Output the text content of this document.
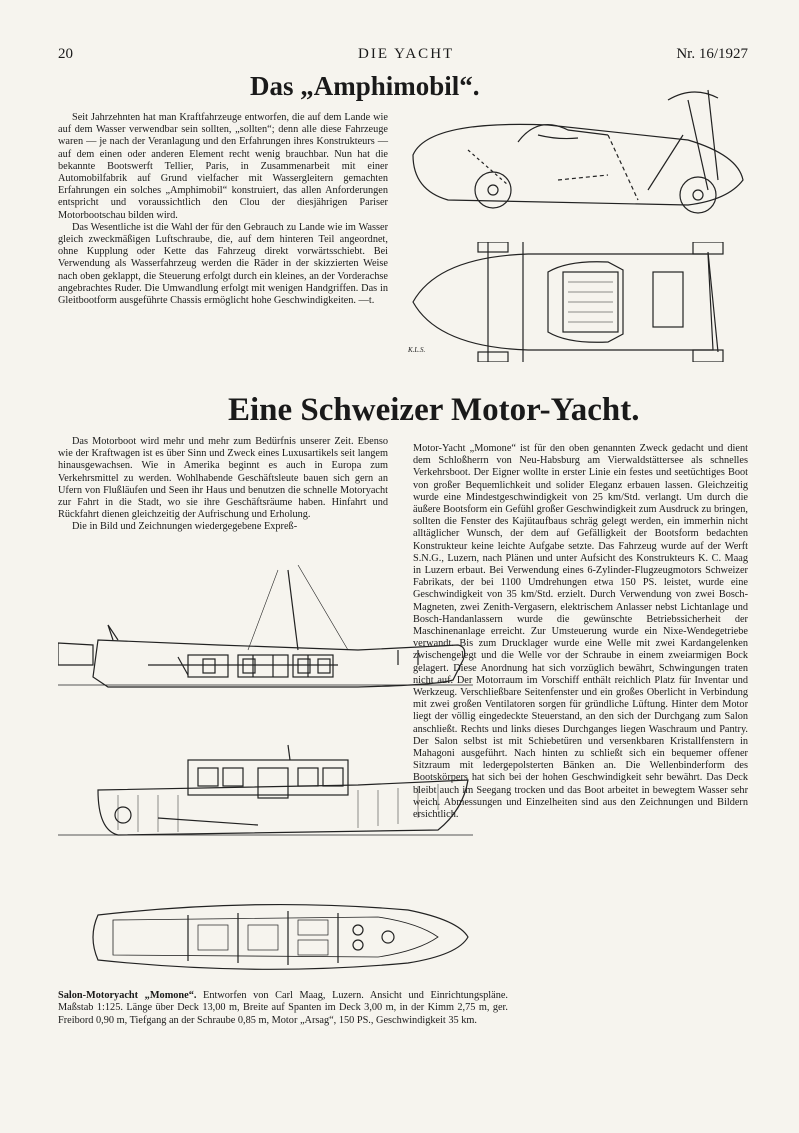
20	DIE YACHT	Nr. 16/1927
Das „Amphimobil“.

Seit Jahrzehnten hat man Kraftfahrzeuge entworfen, die auf dem Lande wie auf dem Wasser verwendbar sein sollten, „sollten“; denn alle diese Fahrzeuge waren — je nach der Veranlagung und den Erfahrungen ihres Konstrukteurs — auf dem einen oder anderen Element recht wenig brauchbar. Nun hat die bekannte Bootswerft Tellier, Paris, in Zusammenarbeit mit einer Automobilfabrik auf Grund vielfacher mit Wassergleitern gemachten Erfahrungen ein solches „Amphimobil“ konstruiert, das allen Anforderungen entspricht und voraussichtlich den Clou der diesjährigen Pariser Motorbootschau bilden wird.

Das Wesentliche ist die Wahl der für den Gebrauch zu Lande wie im Wasser gleich zweckmäßigen Luftschraube, die, auf dem hinteren Teil angeordnet, ohne Kupplung oder Kette das Fahrzeug direkt vorwärtsschiebt. Bei Verwendung als Wasserfahrzeug werden die Räder in der skizzierten Weise nach oben geklappt, die Steuerung erfolgt durch ein kleines, an der Vorderachse angebrachtes Ruder. Die Umwandlung erfolgt mit wenigen Handgriffen. Das in Gleitbootform ausgeführte Chassis ermöglicht hohe Geschwindigkeiten. —t.

K.L.S.
Eine Schweizer Motor-Yacht.

Das Motorboot wird mehr und mehr zum Bedürfnis unserer Zeit. Ebenso wie der Kraftwagen ist es über Sinn und Zweck eines Luxusartikels seit langem hinausgewachsen. Wie in Amerika beginnt es auch in Europa zum Verkehrsmittel zu werden. Wohlhabende Geschäftsleute bauen sich gern an Ufern von Flußläufen und Seen ihr Haus und benutzen die schnelle Motoryacht zur Fahrt in die Stadt, wo sie ihre Geschäftsräume haben. Hinfahrt und Rückfahrt dienen gleichzeitig der Aufrischung und Erholung.

Die in Bild und Zeichnungen wiedergegebene Expreß-

Motor-Yacht „Momone“ ist für den oben genannten Zweck gedacht und dient dem Schloßherrn von Neu-Habsburg am Vierwaldstättersee als schnelles Verkehrsboot. Der Eigner wollte in erster Linie ein festes und seetüchtiges Boot von großer Bequemlichkeit und solider Eleganz erbauen lassen. Gleichzeitig wurde eine Mindestgeschwindigkeit von 25 km/Std. verlangt. Um durch die äußere Bootsform ein Gefühl großer Geschwindigkeit zum Ausdruck zu bringen, sollten die Fenster des Kajütaufbaus schräg gelegt werden, ein immerhin nicht alltäglicher Wunsch, der dem auf Gefälligkeit der Bootsform bedachten Konstrukteur keine leichte Aufgabe setzte. Das Fahrzeug wurde auf der Werft S.N.G., Luzern, nach Plänen und unter Aufsicht des Konstrukteurs K. C. Maag in Luzern erbaut. Bei Verwendung eines 6-Zylinder-Flugzeugmotors Schweizer Fabrikats, der bei 1100 Umdrehungen etwa 150 PS. leistet, wurde eine Geschwindigkeit von 35 km/Std. erzielt. Durch Verwendung von zwei Bosch-Magneten, zwei Zenith-Vergasern, elektrischem Anlasser nebst Lichtanlage und Bosch-Handanlassern wurde die gewünschte Betriebssicherheit der Maschinenanlage erreicht. Zur Umsteuerung wurde ein Nixe-Wendegetriebe verwandt. Bis zum Drucklager wurde eine Welle mit zwei Kardangelenken zwischengelegt und die Welle vor der Schraube in einem zweiarmigen Bock gelagert. Diese Anordnung hat sich vorzüglich bewährt, Schwingungen traten nicht auf. Der Motorraum im Vorschiff enthält reichlich Platz für Inventar und Werkzeug. Verschließbare Seitenfenster und ein großes Oberlicht in Verbindung mit zwei großen Ventilatoren sorgen für gründliche Lüftung. Hinter dem Motor liegt der völlig eingedeckte Steuerstand, an den sich der Durchgang zum Salon anschließt. Rechts und links dieses Durchganges liegen Waschraum und Pantry. Der Salon selbst ist mit Schiebetüren und versenkbaren Kristallfenstern in Mahagoni ausgeführt. Nach hinten zu schließt sich ein bequemer offener Sitzraum mit ledergepolsterten Bänken an. Die Wellenbinderform des Bootskörpers hat sich bei der hohen Geschwindigkeit sehr bewährt. Das Deck bleibt auch im Seegang trocken und das Boot arbeitet in bewegtem Wasser sehr weich. Abmessungen und Einzelheiten sind aus den Zeichnungen und Bildern ersichtlich.

Salon-Motoryacht „Momone“. Entworfen von Carl Maag, Luzern. Ansicht und Einrichtungspläne. Maßstab 1:125. Länge über Deck 13,00 m, Breite auf Spanten im Deck 3,00 m, in der Kimm 2,75 m, ger. Freibord 0,90 m, Tiefgang an der Schraube 0,85 m, Motor „Arsag“, 150 PS., Geschwindigkeit 35 km.
